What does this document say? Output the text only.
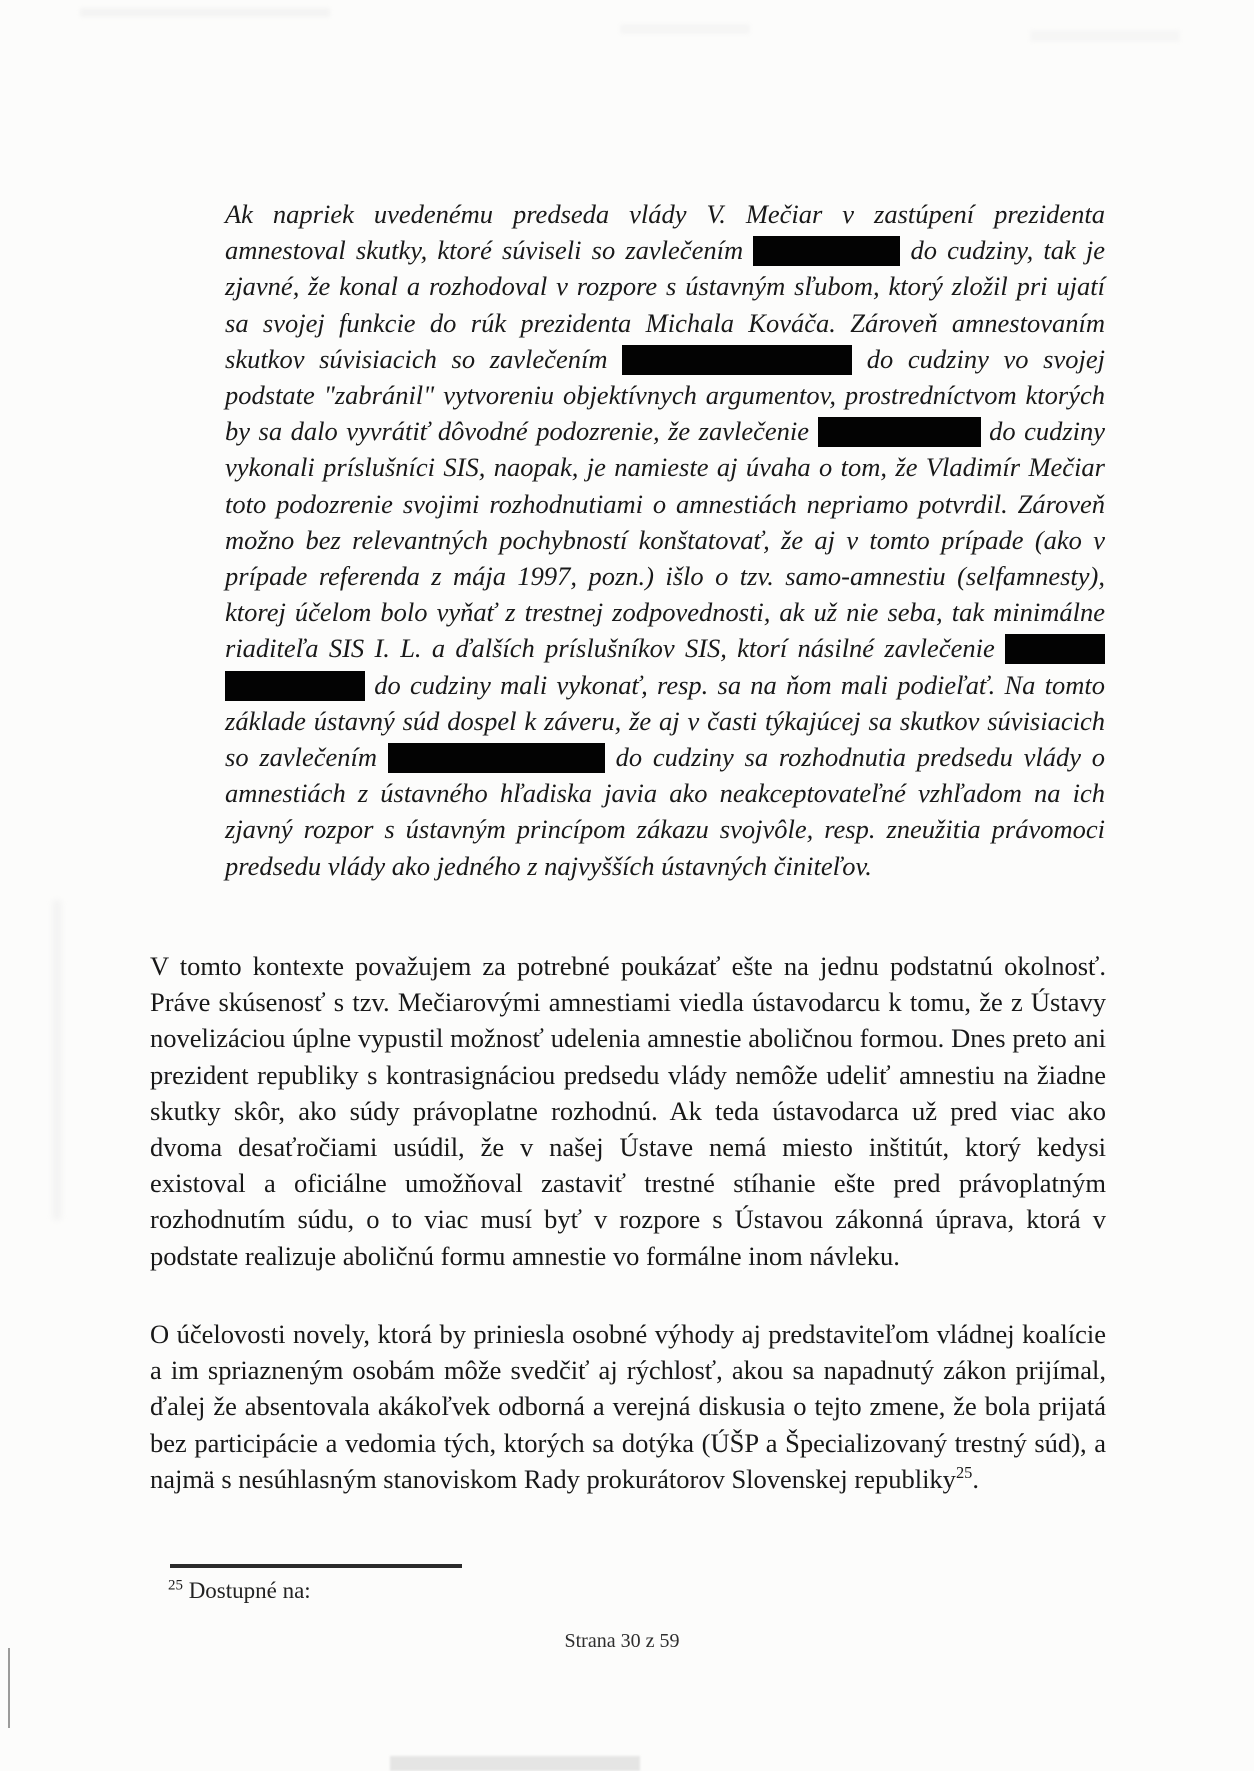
Ak napriek uvedenému predseda vlády V. Mečiar v zastúpení prezidenta amnestoval skutky, ktoré súviseli so zavlečením	do cudziny, tak je zjavné, že konal a rozhodoval v rozpore s ústavným sľubom, ktorý zložil pri ujatí sa svojej funkcie do rúk prezidenta Michala Kováča. Zároveň amnestovaním skutkov súvisiacich so zavlečením	do cudziny vo svojej podstate "zabránil" vytvoreniu objektívnych argumentov, prostredníctvom ktorých by sa dalo vyvrátiť dôvodné podozrenie, že zavlečenie	do cudziny vykonali príslušníci SIS, naopak, je namieste aj úvaha o tom, že Vladimír Mečiar toto podozrenie svojimi rozhodnutiami o amnestiách nepriamo potvrdil. Zároveň možno bez relevantných pochybností konštatovať, že aj v tomto prípade (ako v prípade referenda z mája 1997, pozn.) išlo o tzv. samo-amnestiu (selfamnesty), ktorej účelom bolo vyňať z trestnej zodpovednosti, ak už nie seba, tak minimálne riaditeľa SIS I. L. a ďalších príslušníkov SIS, ktorí násilné zavlečenie   do cudziny mali vykonať, resp. sa na ňom mali podieľať. Na tomto základe ústavný súd dospel k záveru, že aj v časti týkajúcej sa skutkov súvisiacich so zavlečením	do cudziny sa rozhodnutia predsedu vlády o amnestiách z ústavného hľadiska javia ako neakceptovateľné vzhľadom na ich zjavný rozpor s ústavným princípom zákazu svojvôle, resp. zneužitia právomoci predsedu vlády ako jedného z najvyšších ústavných činiteľov.

V tomto kontexte považujem za potrebné poukázať ešte na jednu podstatnú okolnosť. Práve skúsenosť s tzv. Mečiarovými amnestiami viedla ústavodarcu k tomu, že z Ústavy novelizáciou úplne vypustil možnosť udelenia amnestie aboličnou formou. Dnes preto ani prezident republiky s kontrasignáciou predsedu vlády nemôže udeliť amnestiu na žiadne skutky skôr, ako súdy právoplatne rozhodnú. Ak teda ústavodarca už pred viac ako dvoma desaťročiami usúdil, že v našej Ústave nemá miesto inštitút, ktorý kedysi existoval a oficiálne umožňoval zastaviť trestné stíhanie ešte pred právoplatným rozhodnutím súdu, o to viac musí byť v rozpore s Ústavou zákonná úprava, ktorá v podstate realizuje aboličnú formu amnestie vo formálne inom návleku.

O účelovosti novely, ktorá by priniesla osobné výhody aj predstaviteľom vládnej koalície a im spriazneným osobám môže svedčiť aj rýchlosť, akou sa napadnutý zákon prijímal, ďalej že absentovala akákoľvek odborná a verejná diskusia o tejto zmene, že bola prijatá bez participácie a vedomia tých, ktorých sa dotýka (ÚŠP a Špecializovaný trestný súd), a najmä s nesúhlasným stanoviskom Rady prokurátorov Slovenskej republiky$^{25}$.

$^{25}$ Dostupné na:
Strana 30 z 59
